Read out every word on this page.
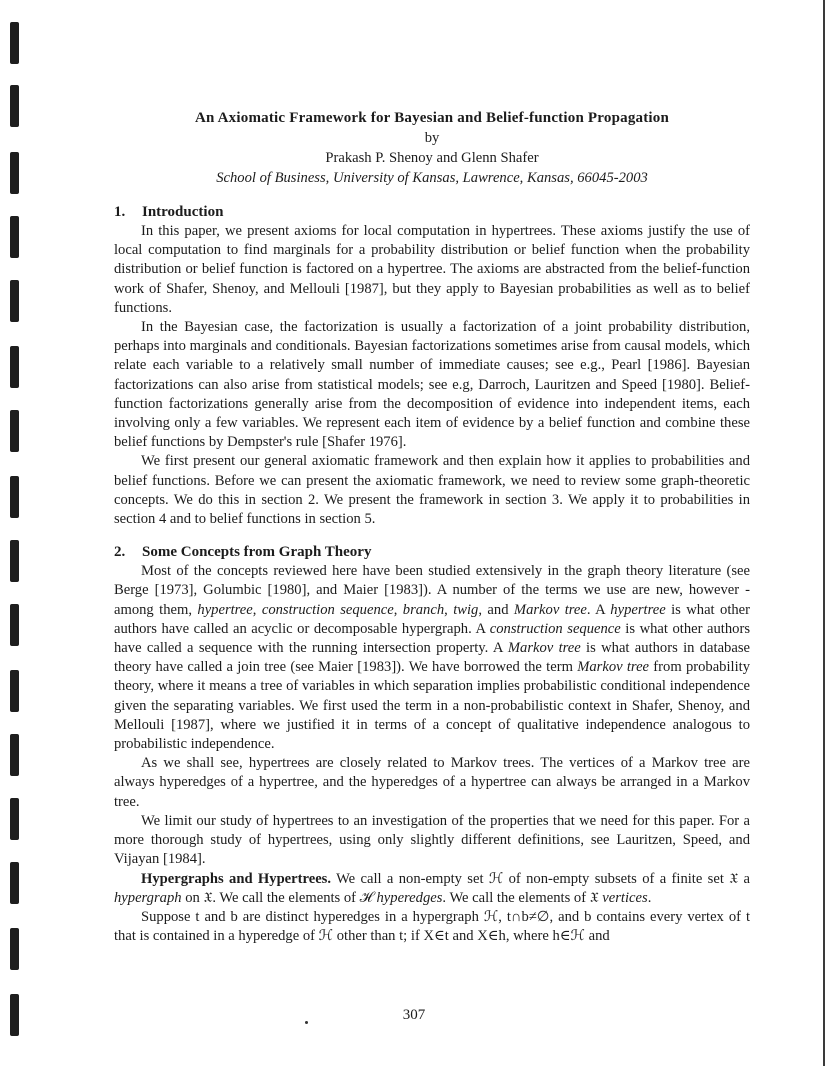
An Axiomatic Framework for Bayesian and Belief-function Propagation
by
Prakash P. Shenoy and Glenn Shafer
School of Business, University of Kansas, Lawrence, Kansas, 66045-2003
1. Introduction

In this paper, we present axioms for local computation in hypertrees. These axioms justify the use of local computation to find marginals for a probability distribution or belief function when the probability distribution or belief function is factored on a hypertree. The axioms are abstracted from the belief-function work of Shafer, Shenoy, and Mellouli [1987], but they apply to Bayesian probabilities as well as to belief functions.

In the Bayesian case, the factorization is usually a factorization of a joint probability distribution, perhaps into marginals and conditionals. Bayesian factorizations sometimes arise from causal models, which relate each variable to a relatively small number of immediate causes; see e.g., Pearl [1986]. Bayesian factorizations can also arise from statistical models; see e.g, Darroch, Lauritzen and Speed [1980]. Belief-function factorizations generally arise from the decomposition of evidence into independent items, each involving only a few variables. We represent each item of evidence by a belief function and combine these belief functions by Dempster's rule [Shafer 1976].

We first present our general axiomatic framework and then explain how it applies to probabilities and belief functions. Before we can present the axiomatic framework, we need to review some graph-theoretic concepts. We do this in section 2. We present the framework in section 3. We apply it to probabilities in section 4 and to belief functions in section 5.

2. Some Concepts from Graph Theory

Most of the concepts reviewed here have been studied extensively in the graph theory literature (see Berge [1973], Golumbic [1980], and Maier [1983]). A number of the terms we use are new, however - among them, hypertree, construction sequence, branch, twig, and Markov tree. A hypertree is what other authors have called an acyclic or decomposable hypergraph. A construction sequence is what other authors have called a sequence with the running intersection property. A Markov tree is what authors in database theory have called a join tree (see Maier [1983]). We have borrowed the term Markov tree from probability theory, where it means a tree of variables in which separation implies probabilistic conditional independence given the separating variables. We first used the term in a non-probabilistic context in Shafer, Shenoy, and Mellouli [1987], where we justified it in terms of a concept of qualitative independence analogous to probabilistic independence.

As we shall see, hypertrees are closely related to Markov trees. The vertices of a Markov tree are always hyperedges of a hypertree, and the hyperedges of a hypertree can always be arranged in a Markov tree.

We limit our study of hypertrees to an investigation of the properties that we need for this paper. For a more thorough study of hypertrees, using only slightly different definitions, see Lauritzen, Speed, and Vijayan [1984].

Hypergraphs and Hypertrees. We call a non-empty set ℋ of non-empty subsets of a finite set 𝔛 a hypergraph on 𝔛. We call the elements of ℋ hyperedges. We call the elements of 𝔛 vertices.

Suppose t and b are distinct hyperedges in a hypergraph ℋ, t∩b≠∅, and b contains every vertex of t that is contained in a hyperedge of ℋ other than t; if X∈t and X∈h, where h∈ℋ and

307
